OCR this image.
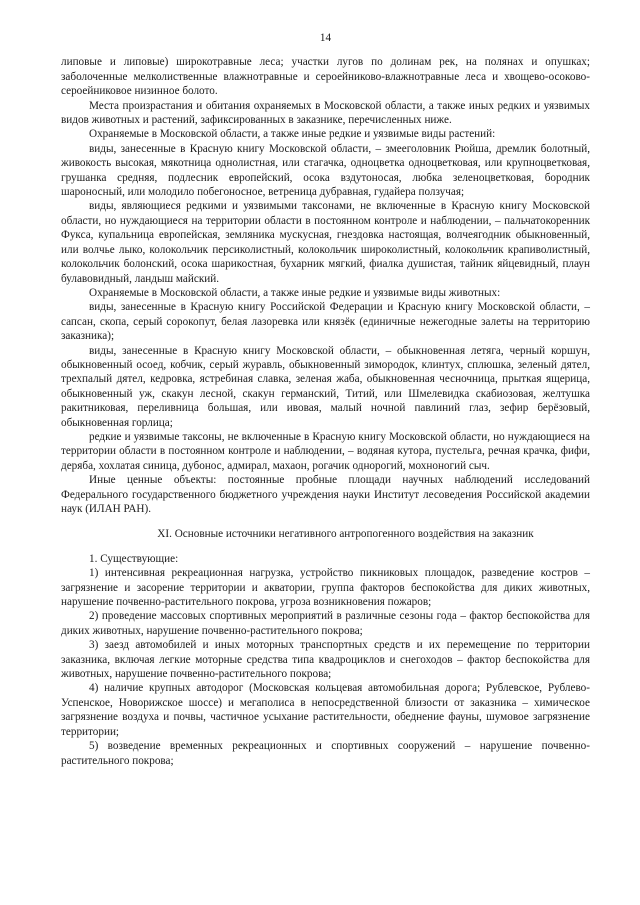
14

липовые и липовые) широкотравные леса; участки лугов по долинам рек, на полянах и опушках; заболоченные мелколиственные влажнотравные и сероейниково-влажнотравные леса и хвощево-осоково-сероейниковое низинное болото.

Места произрастания и обитания охраняемых в Московской области, а также иных редких и уязвимых видов животных и растений, зафиксированных в заказнике, перечисленных ниже.

Охраняемые в Московской области, а также иные редкие и уязвимые виды растений:

виды, занесенные в Красную книгу Московской области, – змееголовник Рюйша, дремлик болотный, живокость высокая, мякотница однолистная, или стагачка, одноцветка одноцветковая, или крупноцветковая, грушанка средняя, подлесник европейский, осока вздутоносая, любка зеленоцветковая, бородник шароносный, или молодило побегоносное, ветреница дубравная, гудайера ползучая;

виды, являющиеся редкими и уязвимыми таксонами, не включенные в Красную книгу Московской области, но нуждающиеся на территории области в постоянном контроле и наблюдении, – пальчатокоренник Фукса, купальница европейская, земляника мускусная, гнездовка настоящая, волчеягодник обыкновенный, или волчье лыко, колокольчик персиколистный, колокольчик широколистный, колокольчик крапиволистный, колокольчик болонский, осока шарикостная, бухарник мягкий, фиалка душистая, тайник яйцевидный, плаун булавовидный, ландыш майский.

Охраняемые в Московской области, а также иные редкие и уязвимые виды животных:

виды, занесенные в Красную книгу Российской Федерации и Красную книгу Московской области, – сапсан, скопа, серый сорокопут, белая лазоревка или князёк (единичные нежегодные залеты на территорию заказника);

виды, занесенные в Красную книгу Московской области, – обыкновенная летяга, черный коршун, обыкновенный осоед, кобчик, серый журавль, обыкновенный зимородок, клинтух, сплюшка, зеленый дятел, трехпалый дятел, кедровка, ястребиная славка, зеленая жаба, обыкновенная чесночница, прыткая ящерица, обыкновенный уж, скакун лесной, скакун германский, Титий, или Шмелевидка скабиозовая, желтушка ракитниковая, переливница большая, или ивовая, малый ночной павлиний глаз, зефир берёзовый, обыкновенная горлица;

редкие и уязвимые таксоны, не включенные в Красную книгу Московской области, но нуждающиеся на территории области в постоянном контроле и наблюдении, – водяная кутора, пустельга, речная крачка, фифи, деряба, хохлатая синица, дубонос, адмирал, махаон, рогачик однорогий, мохноногий сыч.

Иные ценные объекты: постоянные пробные площади научных наблюдений исследований Федерального государственного бюджетного учреждения науки Институт лесоведения Российской академии наук (ИЛАН РАН).

XI. Основные источники негативного антропогенного воздействия на заказник

1. Существующие:

1) интенсивная рекреационная нагрузка, устройство пикниковых площадок, разведение костров – загрязнение и засорение территории и акватории, группа факторов беспокойства для диких животных, нарушение почвенно-растительного покрова, угроза возникновения пожаров;

2) проведение массовых спортивных мероприятий в различные сезоны года – фактор беспокойства для диких животных, нарушение почвенно-растительного покрова;

3) заезд автомобилей и иных моторных транспортных средств и их перемещение по территории заказника, включая легкие моторные средства типа квадроциклов и снегоходов – фактор беспокойства для животных, нарушение почвенно-растительного покрова;

4) наличие крупных автодорог (Московская кольцевая автомобильная дорога; Рублевское, Рублево-Успенское, Новорижское шоссе) и мегаполиса в непосредственной близости от заказника – химическое загрязнение воздуха и почвы, частичное усыхание растительности, обеднение фауны, шумовое загрязнение территории;

5) возведение временных рекреационных и спортивных сооружений – нарушение почвенно-растительного покрова;
